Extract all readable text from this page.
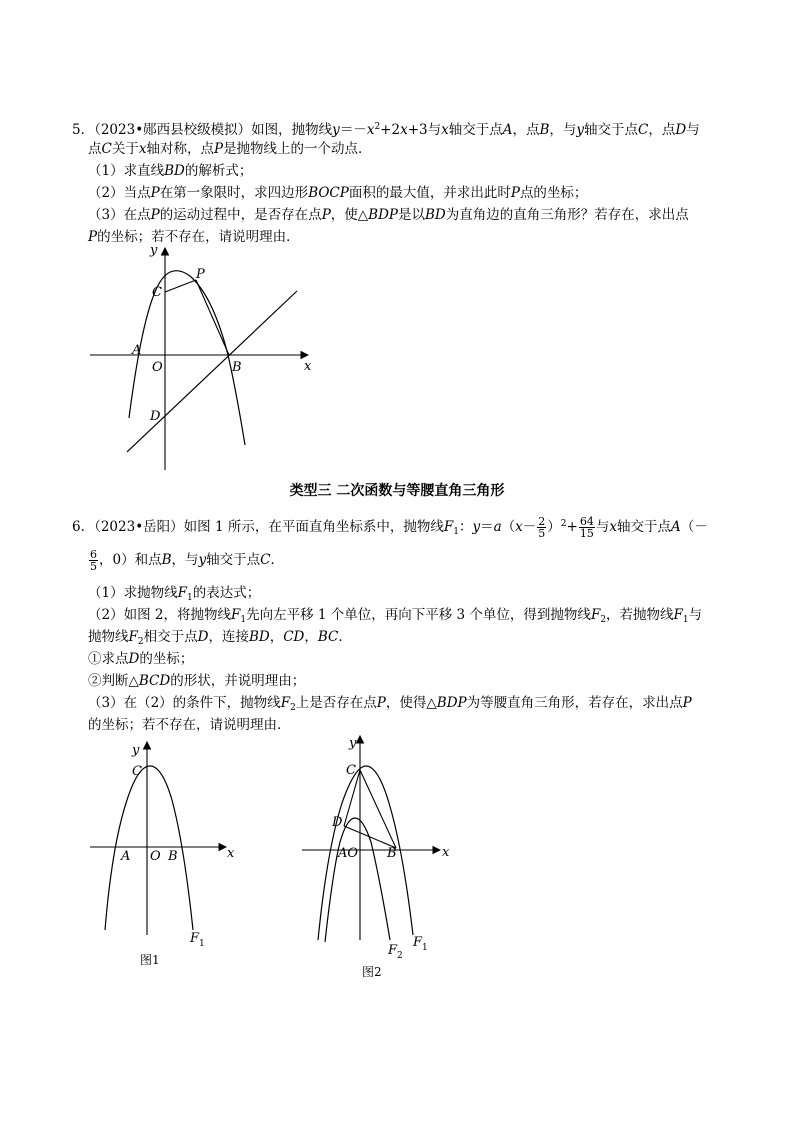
5．（2023•郧西县校级模拟）如图，抛物线$y=-x^2+2x+3$与x轴交于点A，点B，与y轴交于点C，点D与
点C关于x轴对称，点P是抛物线上的一个动点．
（1）求直线BD的解析式；
（2）当点P在第一象限时，求四边形BOCP面积的最大值，并求出此时P点的坐标；
（3）在点P的运动过程中，是否存在点P，使△BDP是以BD为直角边的直角三角形？若存在，求出点
P的坐标；若不存在，请说明理由．
y
x
P
C
A
O	B
D
类型三 二次函数与等腰直角三角形
6．（2023•岳阳）如图 1 所示，在平面直角坐标系中，抛物线$F_1$：$y=a(x- \frac{2}{5} )^2+ \frac{64}{15}$ 与x轴交于点A（－
$\frac{6}{5}$ ，0）和点B，与y轴交于点C．
（1）求抛物线$F_1$的表达式；
（2）如图 2，将抛物线$F_1$先向左平移 1 个单位，再向下平移 3 个单位，得到抛物线$F_2$，若抛物线$F_1$与
抛物线$F_2$相交于点D，连接BD，CD，BC．
①求点D的坐标；
②判断△BCD的形状，并说明理由；
（3）在（2）的条件下，抛物线$F_2$上是否存在点P，使得△BDP为等腰直角三角形，若存在，求出点P
的坐标；若不存在，请说明理由．
y
x
C
A O B
F 1
图1
y
x
C
D
AO B
F 2
F 1
图2
